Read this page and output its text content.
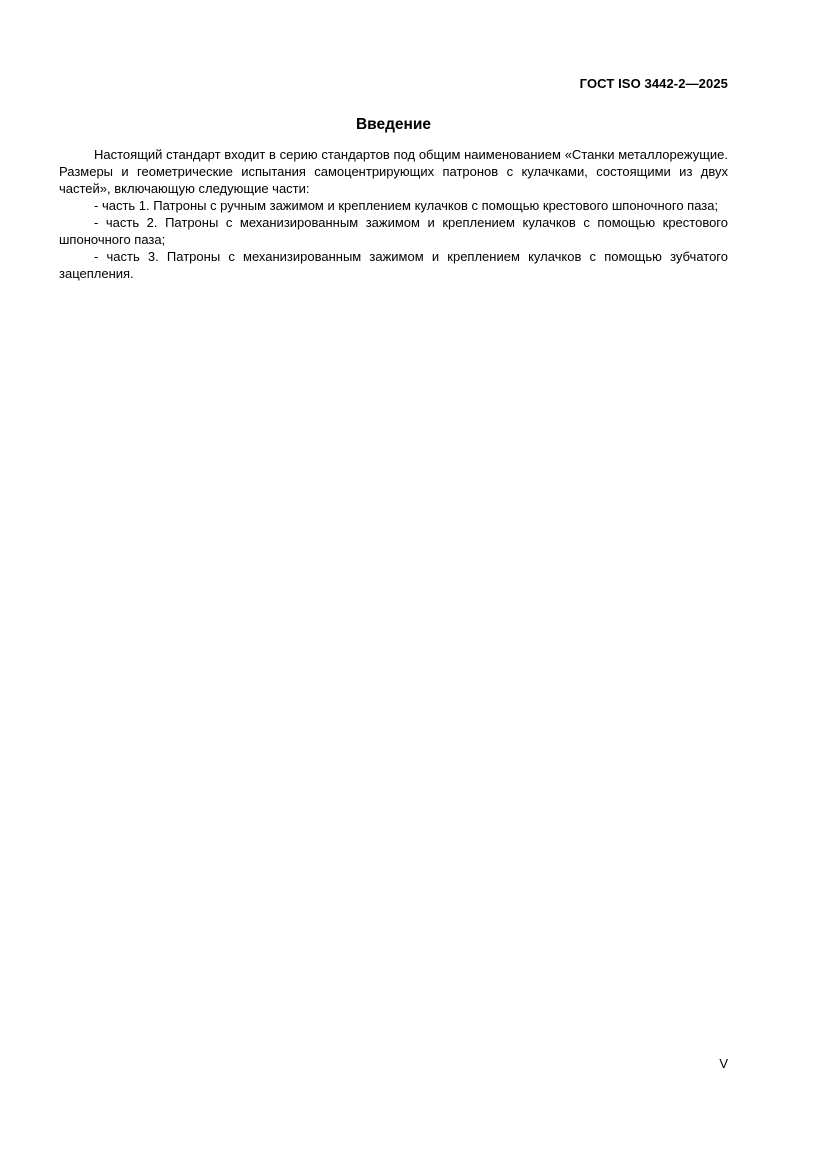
ГОСТ ISO 3442-2—2025
Введение

Настоящий стандарт входит в серию стандартов под общим наименованием «Станки металлорежущие. Размеры и геометрические испытания самоцентрирующих патронов с кулачками, состоящими из двух частей», включающую следующие части:

- часть 1. Патроны с ручным зажимом и креплением кулачков с помощью крестового шпоночного паза;

- часть 2. Патроны с механизированным зажимом и креплением кулачков с помощью крестового шпоночного паза;

- часть 3. Патроны с механизированным зажимом и креплением кулачков с помощью зубчатого зацепления.

V
